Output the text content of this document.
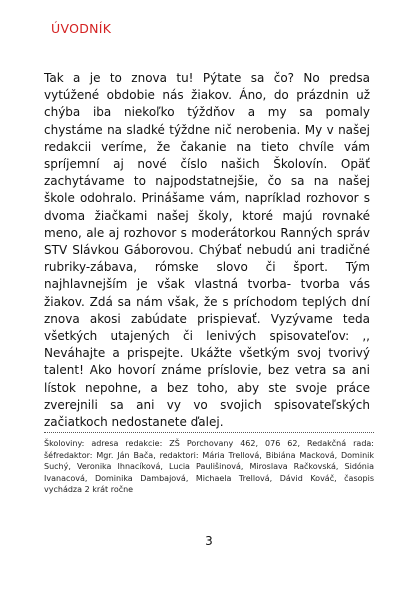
ÚVODNÍK

Tak a je to znova tu! Pýtate sa čo? No predsa vytúžené obdobie nás žiakov. Áno, do prázdnin už chýba iba niekoľko týždňov a my sa pomaly chystáme na sladké týždne nič nerobenia. My v našej redakcii veríme, že čakanie na tieto chvíle vám spríjemní aj nové číslo našich Školovín. Opäť zachytávame to najpodstatnejšie, čo sa na našej škole odohralo. Prinášame vám, napríklad rozhovor s dvoma žiačkami našej školy, ktoré majú rovnaké meno, ale aj rozhovor s moderátorkou Ranných správ STV Slávkou Gáborovou. Chýbať nebudú ani tradičné rubriky-zábava, rómske slovo či šport. Tým najhlavnejším je však vlastná tvorba- tvorba vás žiakov. Zdá sa nám však, že s príchodom teplých dní znova akosi zabúdate prispievať. Vyzývame teda všetkých utajených či lenivých spisovateľov: ,, Neváhajte a prispejte. Ukážte všetkým svoj tvorivý talent! Ako hovorí známe príslovie, bez vetra sa ani lístok nepohne, a bez toho, aby ste svoje práce zverejnili sa ani vy vo svojich spisovateľských začiatkoch nedostanete ďalej.

Školoviny: adresa redakcie: ZŠ Porchovany 462, 076 62, Redakčná rada: šéfredaktor: Mgr. Ján Bača, redaktori: Mária Trellová, Bibiána Macková, Dominik Suchý, Veronika Ihnacíková, Lucia Paulišinová, Miroslava Račkovská, Sidónia Ivanacová, Dominika Dambajová, Michaela Trellová, Dávid Kováč, časopis vychádza 2 krát ročne

3
